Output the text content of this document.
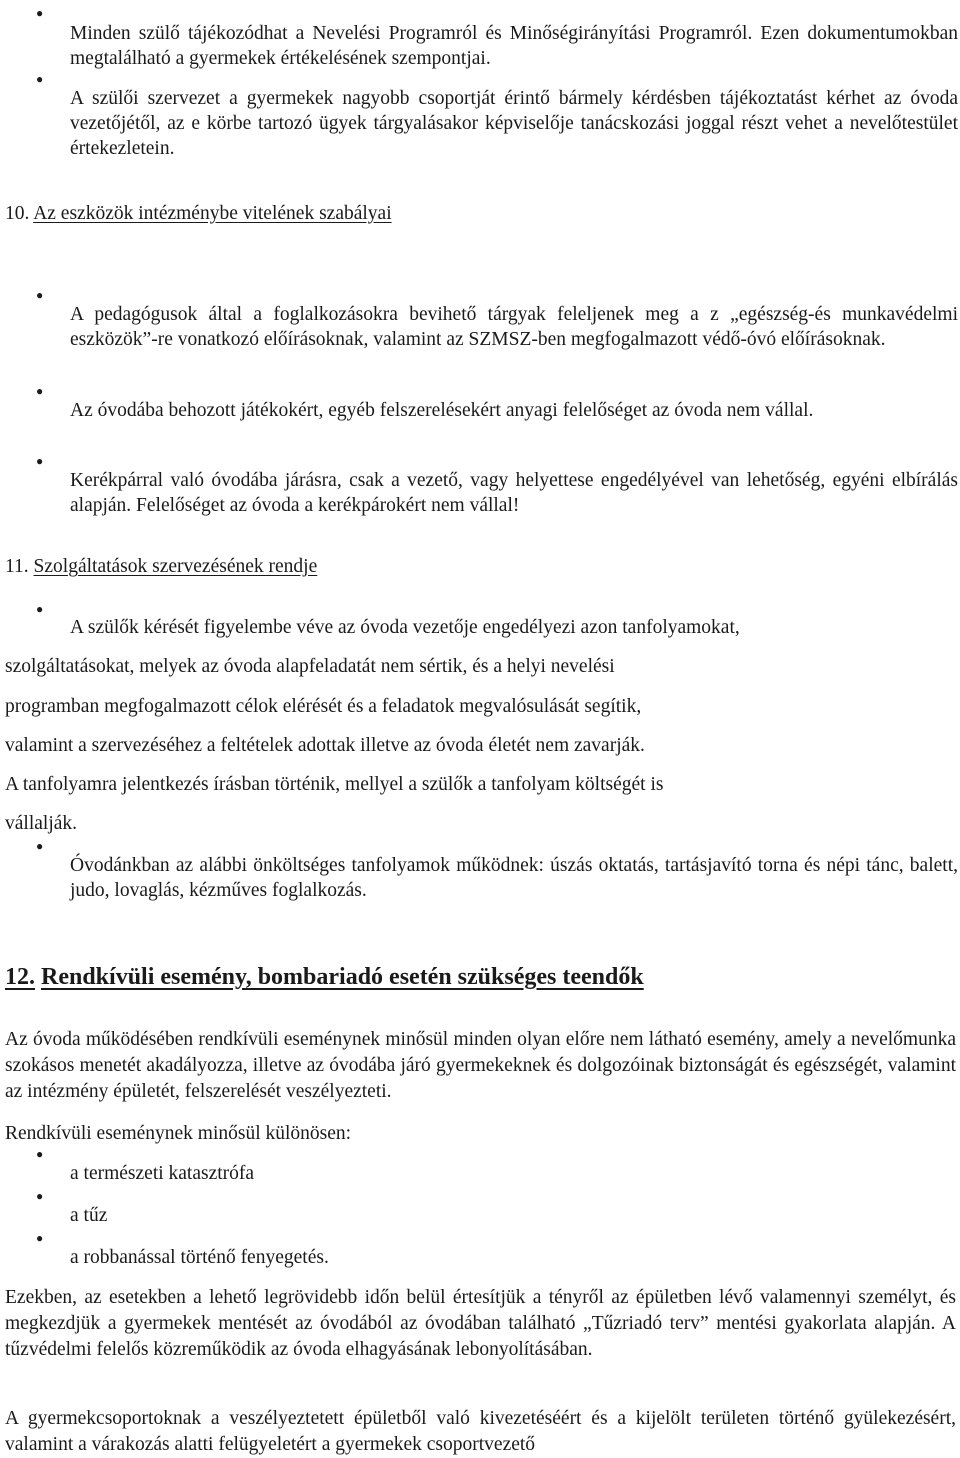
●

Minden szülő tájékozódhat a Nevelési Programról és Minőségirányítási Programról. Ezen dokumentumokban megtalálható a gyermekek értékelésének szempontjai.

●

A szülői szervezet a gyermekek nagyobb csoportját érintő bármely kérdésben tájékoztatást kérhet az óvoda vezetőjétől, az e körbe tartozó ügyek tárgyalásakor képviselője tanácskozási joggal részt vehet a nevelőtestület értekezletein.

10. Az eszközök intézménybe vitelének szabályai
●

A pedagógusok által a foglalkozásokra bevihető tárgyak feleljenek meg a z „egészség-és munkavédelmi eszközök”-re vonatkozó előírásoknak, valamint az SZMSZ-ben megfogalmazott védő-óvó előírásoknak.

●

Az óvodába behozott játékokért, egyéb felszerelésekért anyagi felelőséget az óvoda nem vállal.

●

Kerékpárral való óvodába járásra, csak a vezető, vagy helyettese engedélyével van lehetőség, egyéni elbírálás alapján. Felelőséget az óvoda a kerékpárokért nem vállal!

11. Szolgáltatások szervezésének rendje
●

A szülők kérését figyelembe véve az óvoda vezetője engedélyezi azon tanfolyamokat,

szolgáltatásokat, melyek az óvoda alapfeladatát nem sértik, és a helyi nevelési

programban megfogalmazott célok elérését és a feladatok megvalósulását segítik,

valamint a szervezéséhez a feltételek adottak illetve az óvoda életét nem zavarják.

A tanfolyamra jelentkezés írásban történik, mellyel a szülők a tanfolyam költségét is

vállalják.

●

Óvodánkban az alábbi önköltséges tanfolyamok működnek: úszás oktatás, tartásjavító torna és népi tánc, balett, judo, lovaglás, kézműves foglalkozás.

12. Rendkívüli esemény, bombariadó esetén szükséges teendők

Az óvoda működésében rendkívüli eseménynek minősül minden olyan előre nem látható esemény, amely a nevelőmunka szokásos menetét akadályozza, illetve az óvodába járó gyermekeknek és dolgozóinak biztonságát és egészségét, valamint az intézmény épületét, felszerelését veszélyezteti.

Rendkívüli eseménynek minősül különösen:

●

a természeti katasztrófa

●

a tűz

●

a robbanással történő fenyegetés.

Ezekben, az esetekben a lehető legrövidebb időn belül értesítjük a tényről az épületben lévő valamennyi személyt, és megkezdjük a gyermekek mentését az óvodából az óvodában található „Tűzriadó terv” mentési gyakorlata alapján. A tűzvédelmi felelős közreműködik az óvoda elhagyásának lebonyolításában.

A gyermekcsoportoknak a veszélyeztetett épületből való kivezetéséért és a kijelölt területen történő gyülekezésért, valamint a várakozás alatti felügyeletért a gyermekek csoportvezető
